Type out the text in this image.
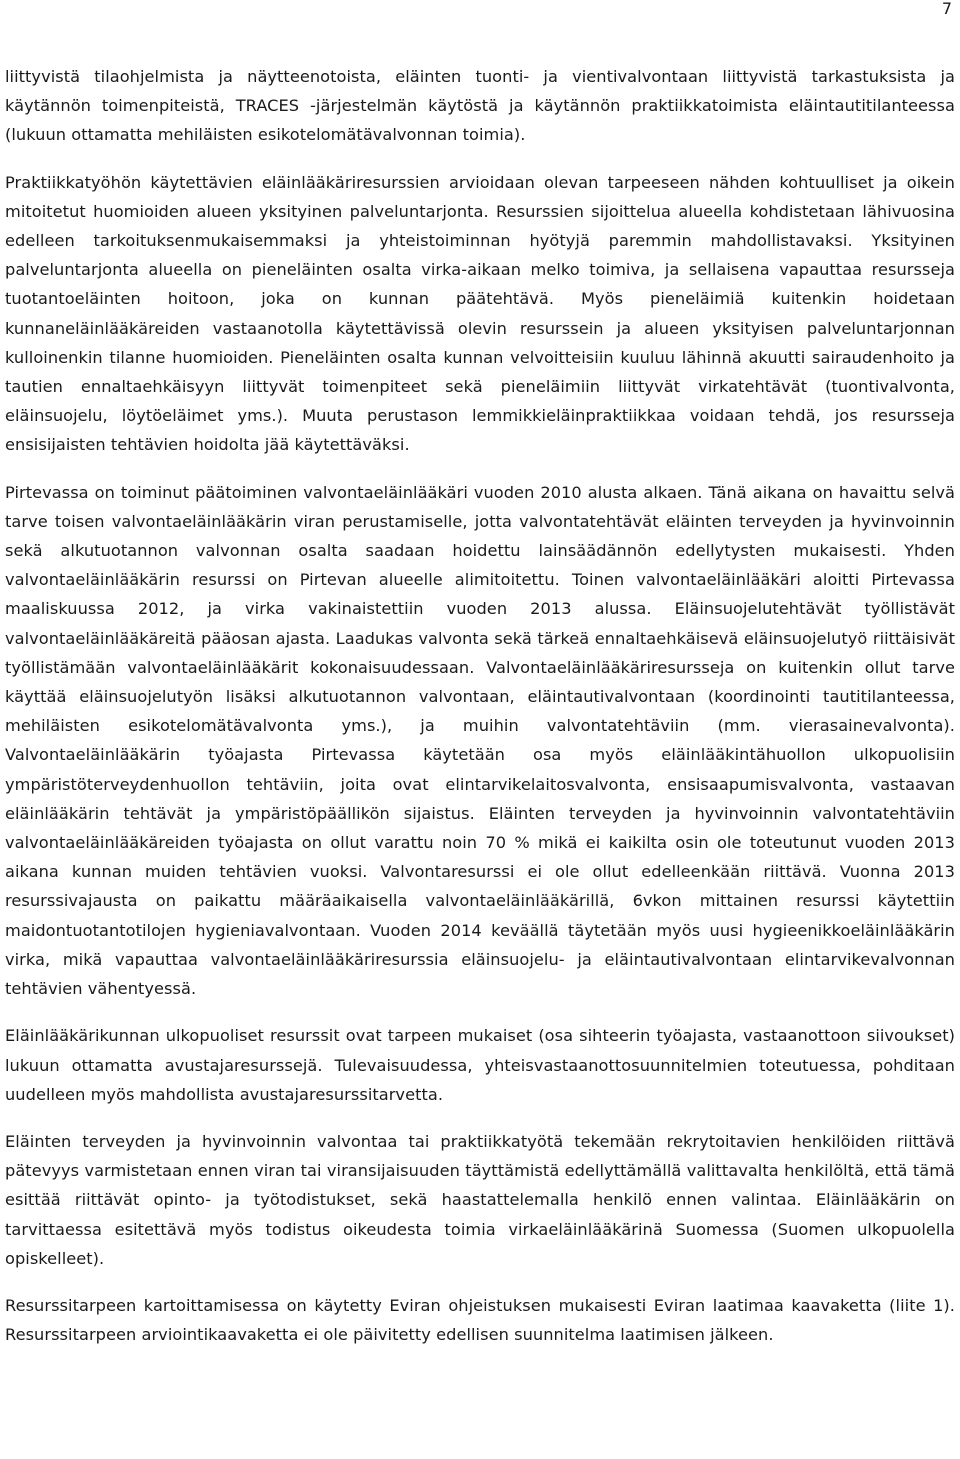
7

liittyvistä tilaohjelmista ja näytteenotoista, eläinten tuonti- ja vientivalvontaan liittyvistä tarkastuksista ja käytännön toimenpiteistä, TRACES -järjestelmän käytöstä ja käytännön praktiikkatoimista eläintautitilanteessa (lukuun ottamatta mehiläisten esikotelomätävalvonnan toimia).

Praktiikkatyöhön käytettävien eläinlääkäriresurssien arvioidaan olevan tarpeeseen nähden kohtuulliset ja oikein mitoitetut huomioiden alueen yksityinen palveluntarjonta. Resurssien sijoittelua alueella kohdistetaan lähivuosina edelleen tarkoituksenmukaisemmaksi ja yhteistoiminnan hyötyjä paremmin mahdollistavaksi. Yksityinen palveluntarjonta alueella on pieneläinten osalta virka-aikaan melko toimiva, ja sellaisena vapauttaa resursseja tuotantoeläinten hoitoon, joka on kunnan päätehtävä. Myös pieneläimiä kuitenkin hoidetaan kunnaneläinlääkäreiden vastaanotolla käytettävissä olevin resurssein ja alueen yksityisen palveluntarjonnan kulloinenkin tilanne huomioiden. Pieneläinten osalta kunnan velvoitteisiin kuuluu lähinnä akuutti sairaudenhoito ja tautien ennaltaehkäisyyn liittyvät toimenpiteet sekä pieneläimiin liittyvät virkatehtävät (tuontivalvonta, eläinsuojelu, löytöeläimet yms.). Muuta perustason lemmikkieläinpraktiikkaa voidaan tehdä, jos resursseja ensisijaisten tehtävien hoidolta jää käytettäväksi.

Pirtevassa on toiminut päätoiminen valvontaeläinlääkäri vuoden 2010 alusta alkaen. Tänä aikana on havaittu selvä tarve toisen valvontaeläinlääkärin viran perustamiselle, jotta valvontatehtävät eläinten terveyden ja hyvinvoinnin sekä alkutuotannon valvonnan osalta saadaan hoidettu lainsäädännön edellytysten mukaisesti. Yhden valvontaeläinlääkärin resurssi on Pirtevan alueelle alimitoitettu. Toinen valvontaeläinlääkäri aloitti Pirtevassa maaliskuussa 2012, ja virka vakinaistettiin vuoden 2013 alussa. Eläinsuojelutehtävät työllistävät valvontaeläinlääkäreitä pääosan ajasta. Laadukas valvonta sekä tärkeä ennaltaehkäisevä eläinsuojelutyö riittäisivät työllistämään valvontaeläinlääkärit kokonaisuudessaan. Valvontaeläinlääkäriresursseja on kuitenkin ollut tarve käyttää eläinsuojelutyön lisäksi alkutuotannon valvontaan, eläintautivalvontaan (koordinointi tautitilanteessa, mehiläisten esikotelomätävalvonta yms.), ja muihin valvontatehtäviin (mm. vierasainevalvonta). Valvontaeläinlääkärin työajasta Pirtevassa käytetään osa myös eläinlääkintähuollon ulkopuolisiin ympäristöterveydenhuollon tehtäviin, joita ovat elintarvikelaitosvalvonta, ensisaapumisvalvonta, vastaavan eläinlääkärin tehtävät ja ympäristöpäällikön sijaistus. Eläinten terveyden ja hyvinvoinnin valvontatehtäviin valvontaeläinlääkäreiden työajasta on ollut varattu noin 70 % mikä ei kaikilta osin ole toteutunut vuoden 2013 aikana kunnan muiden tehtävien vuoksi. Valvontaresurssi ei ole ollut edelleenkään riittävä. Vuonna 2013 resurssivajausta on paikattu määräaikaisella valvontaeläinlääkärillä, 6vkon mittainen resurssi käytettiin maidontuotantotilojen hygieniavalvontaan. Vuoden 2014 keväällä täytetään myös uusi hygieenikkoeläinlääkärin virka, mikä vapauttaa valvontaeläinlääkäriresurssia eläinsuojelu- ja eläintautivalvontaan elintarvikevalvonnan tehtävien vähentyessä.

Eläinlääkärikunnan ulkopuoliset resurssit ovat tarpeen mukaiset (osa sihteerin työajasta, vastaanottoon siivoukset) lukuun ottamatta avustajaresurssejä. Tulevaisuudessa, yhteisvastaanottosuunnitelmien toteutuessa, pohditaan uudelleen myös mahdollista avustajaresurssitarvetta.

Eläinten terveyden ja hyvinvoinnin valvontaa tai praktiikkatyötä tekemään rekrytoitavien henkilöiden riittävä pätevyys varmistetaan ennen viran tai viransijaisuuden täyttämistä edellyttämällä valittavalta henkilöltä, että tämä esittää riittävät opinto- ja työtodistukset, sekä haastattelemalla henkilö ennen valintaa. Eläinlääkärin on tarvittaessa esitettävä myös todistus oikeudesta toimia virkaeläinlääkärinä Suomessa (Suomen ulkopuolella opiskelleet).

Resurssitarpeen kartoittamisessa on käytetty Eviran ohjeistuksen mukaisesti Eviran laatimaa kaavaketta (liite 1). Resurssitarpeen arviointikaavaketta ei ole päivitetty edellisen suunnitelma laatimisen jälkeen.
